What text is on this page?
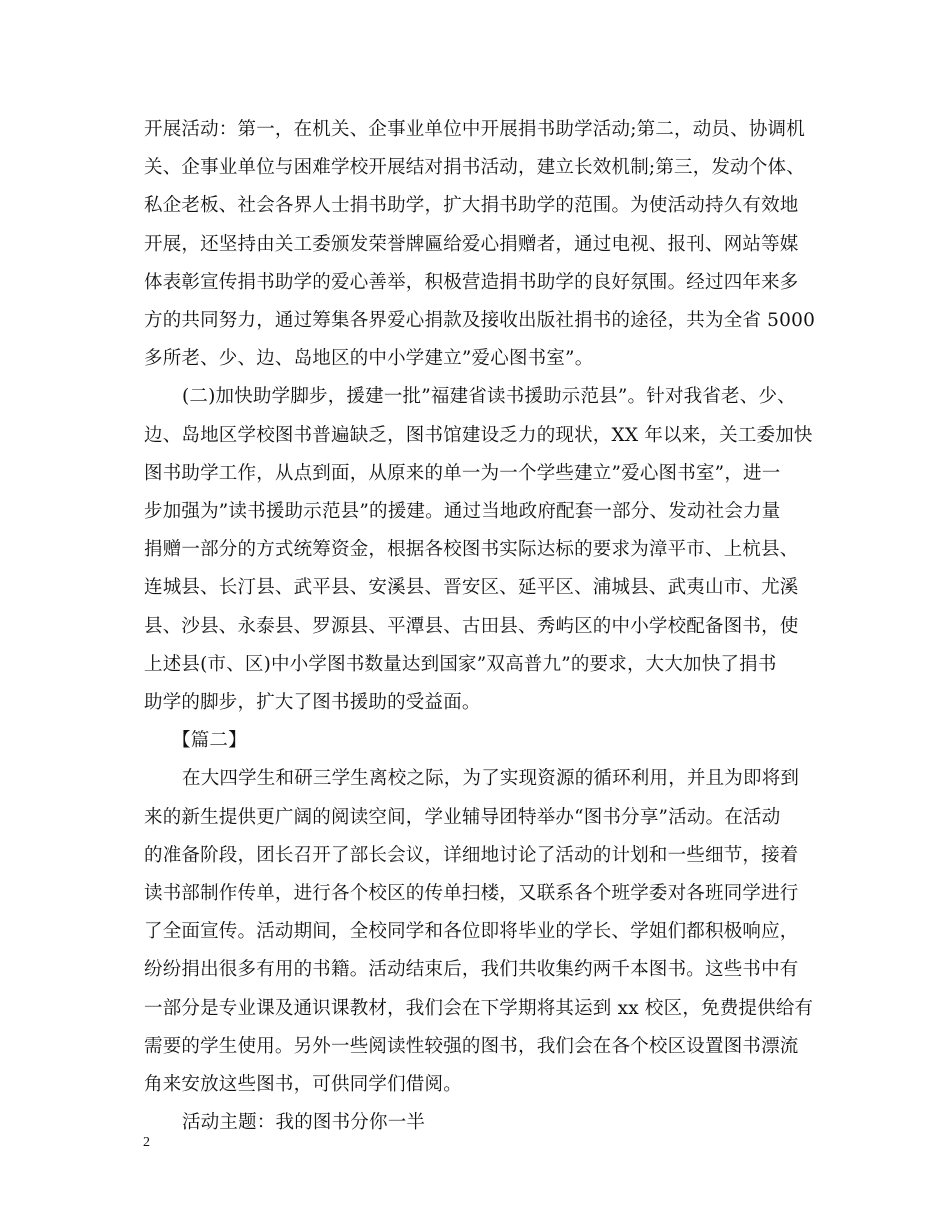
开展活动：第一，在机关、企事业单位中开展捐书助学活动;第二，动员、协调机
关、企事业单位与困难学校开展结对捐书活动，建立长效机制;第三，发动个体、
私企老板、社会各界人士捐书助学，扩大捐书助学的范围。为使活动持久有效地
开展，还坚持由关工委颁发荣誉牌匾给爱心捐赠者，通过电视、报刊、网站等媒
体表彰宣传捐书助学的爱心善举，积极营造捐书助学的良好氛围。经过四年来多
方的共同努力，通过筹集各界爱心捐款及接收出版社捐书的途径，共为全省 5000
多所老、少、边、岛地区的中小学建立”爱心图书室”。
(二)加快助学脚步，援建一批”福建省读书援助示范县”。针对我省老、少、
边、岛地区学校图书普遍缺乏，图书馆建设乏力的现状，XX 年以来，关工委加快
图书助学工作，从点到面，从原来的单一为一个学些建立”爱心图书室”，进一
步加强为”读书援助示范县”的援建。通过当地政府配套一部分、发动社会力量
捐赠一部分的方式统筹资金，根据各校图书实际达标的要求为漳平市、上杭县、
连城县、长汀县、武平县、安溪县、晋安区、延平区、浦城县、武夷山市、尤溪
县、沙县、永泰县、罗源县、平潭县、古田县、秀屿区的中小学校配备图书，使
上述县(市、区)中小学图书数量达到国家”双高普九”的要求，大大加快了捐书
助学的脚步，扩大了图书援助的受益面。
【篇二】
在大四学生和研三学生离校之际，为了实现资源的循环利用，并且为即将到
来的新生提供更广阔的阅读空间，学业辅导团特举办“图书分享”活动。在活动
的准备阶段，团长召开了部长会议，详细地讨论了活动的计划和一些细节，接着
读书部制作传单，进行各个校区的传单扫楼，又联系各个班学委对各班同学进行
了全面宣传。活动期间，全校同学和各位即将毕业的学长、学姐们都积极响应，
纷纷捐出很多有用的书籍。活动结束后，我们共收集约两千本图书。这些书中有
一部分是专业课及通识课教材，我们会在下学期将其运到 xx 校区，免费提供给有
需要的学生使用。另外一些阅读性较强的图书，我们会在各个校区设置图书漂流
角来安放这些图书，可供同学们借阅。
2
活动主题：我的图书分你一半
